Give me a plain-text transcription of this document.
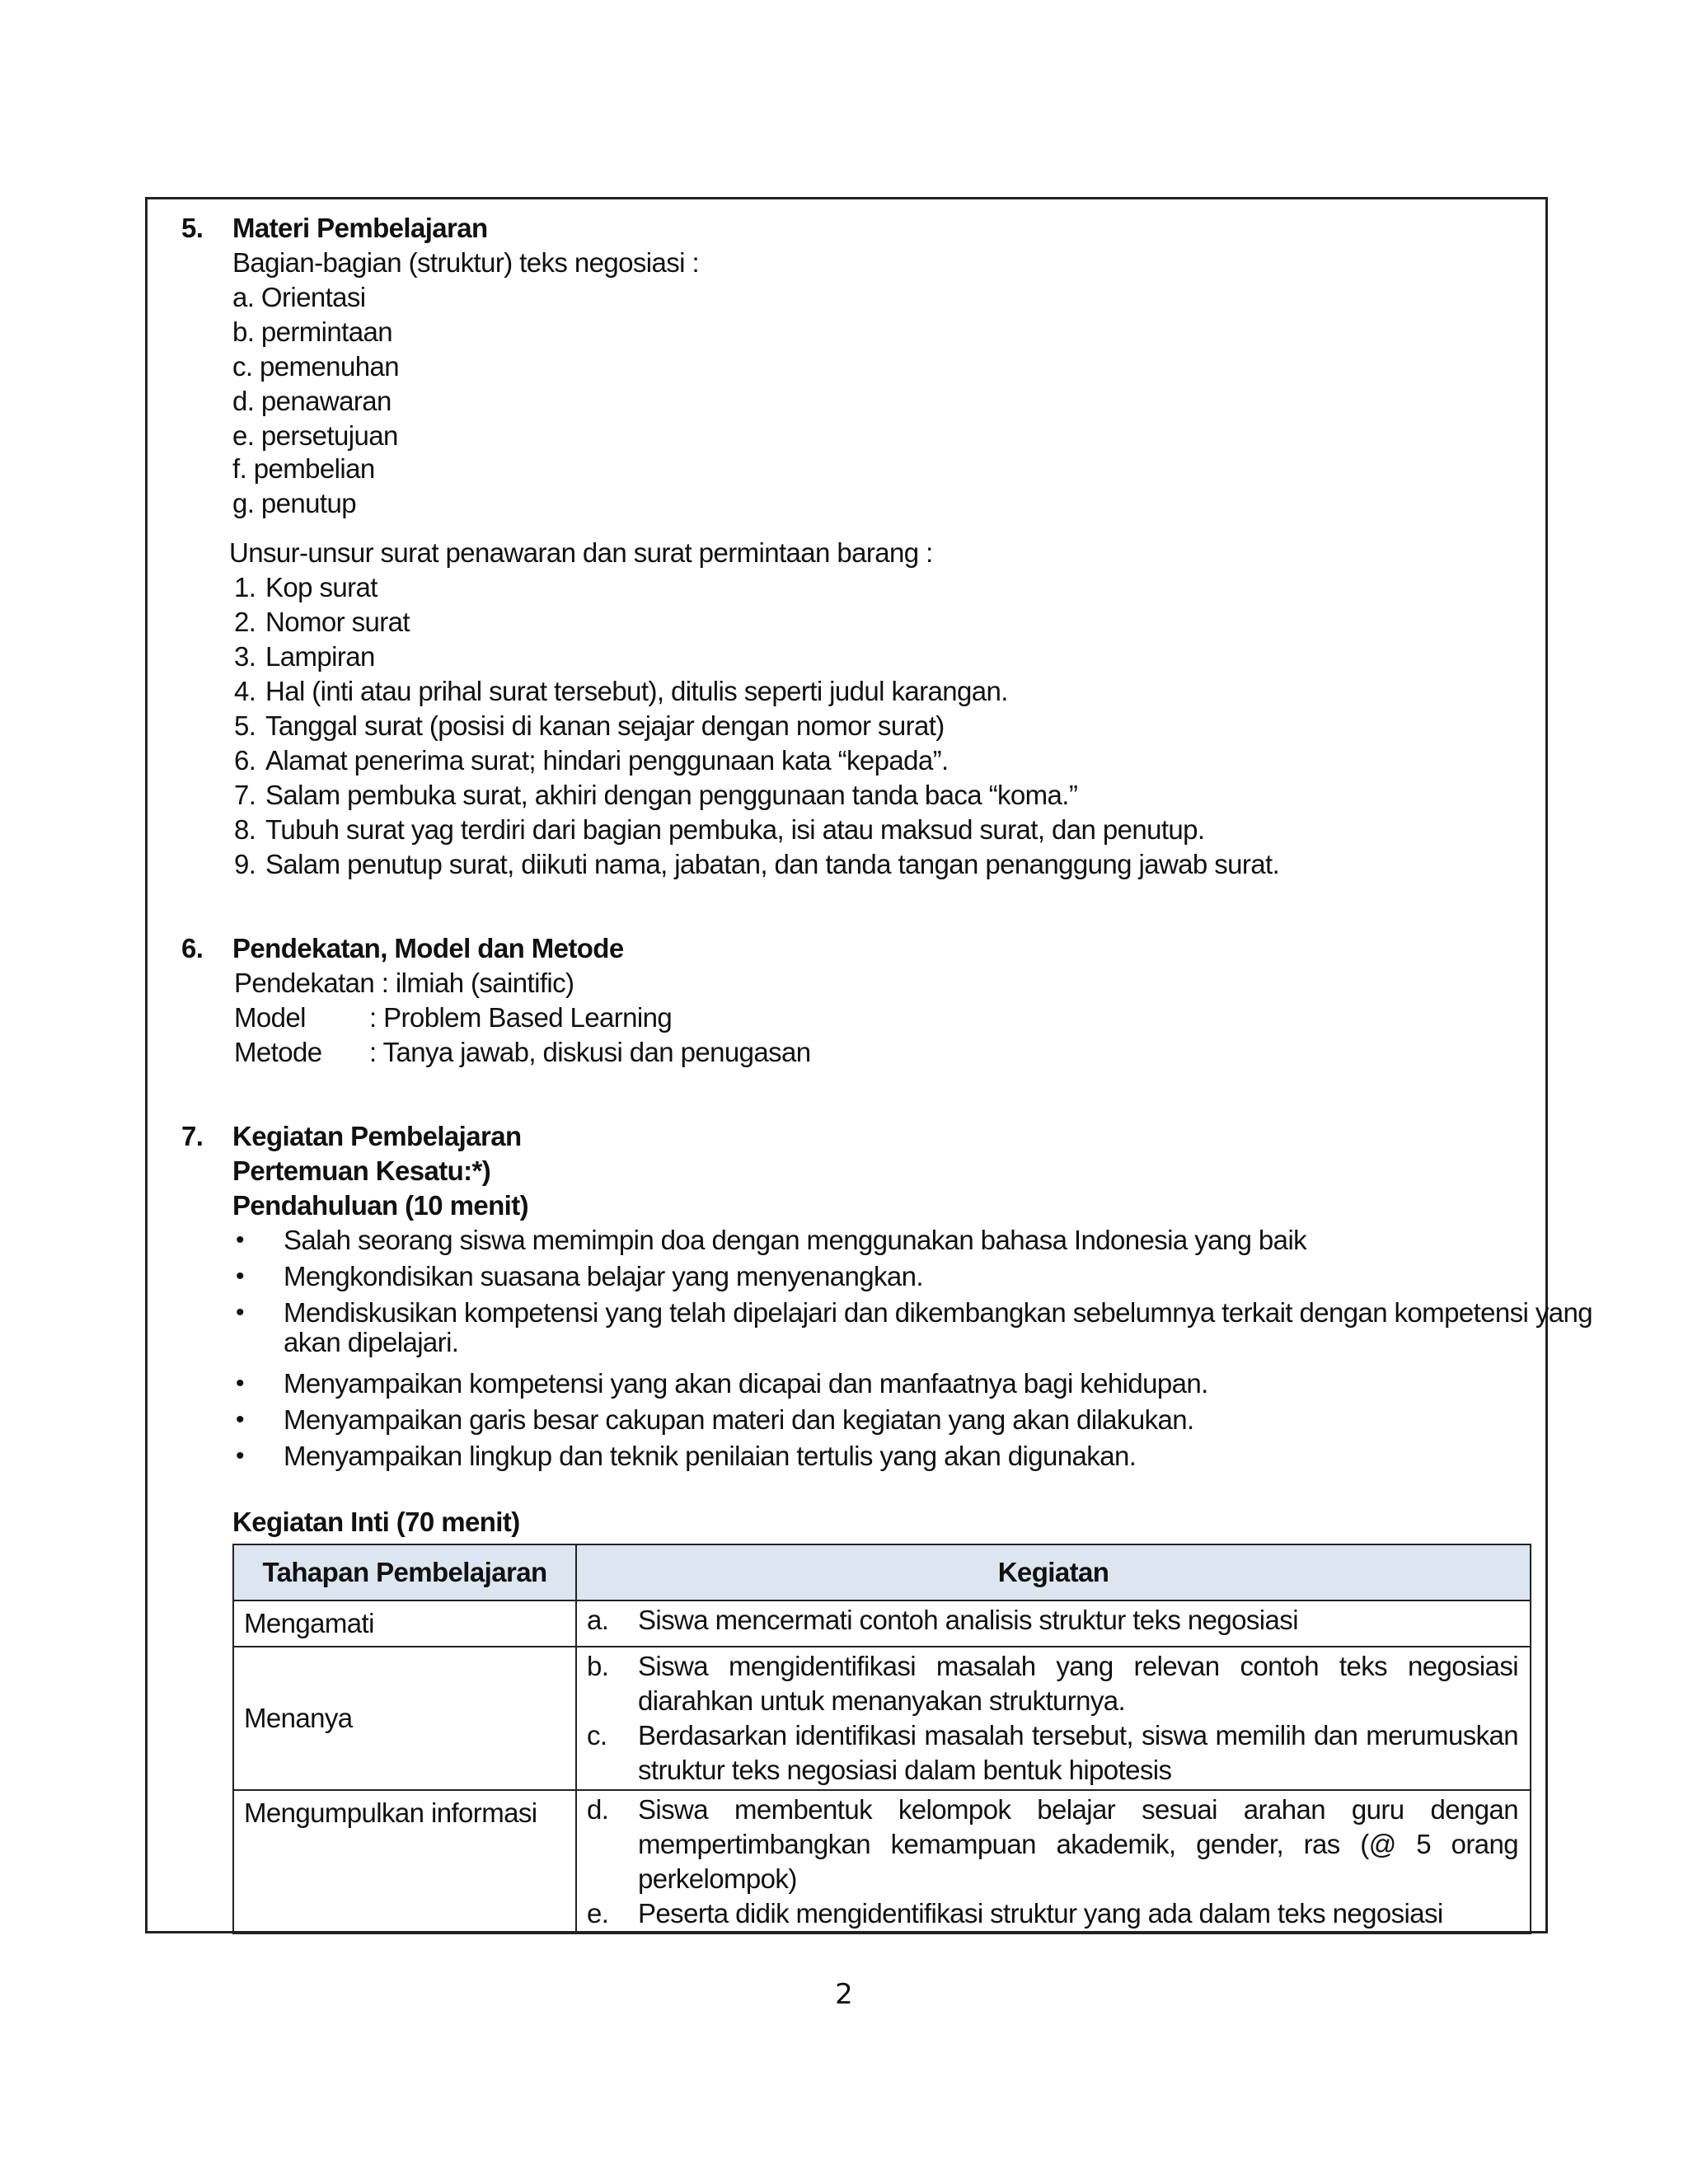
5. Materi Pembelajaran
Bagian-bagian (struktur) teks negosiasi :
a. Orientasi
b. permintaan
c. pemenuhan
d. penawaran
e. persetujuan
f. pembelian
g. penutup
Unsur-unsur surat penawaran dan surat permintaan barang :
1. Kop surat
2. Nomor surat
3. Lampiran
4. Hal (inti atau prihal surat tersebut), ditulis seperti judul karangan.
5. Tanggal surat (posisi di kanan sejajar dengan nomor surat)
6. Alamat penerima surat; hindari penggunaan kata “kepada”.
7. Salam pembuka surat, akhiri dengan penggunaan tanda baca “koma.”
8. Tubuh surat yag terdiri dari bagian pembuka, isi atau maksud surat, dan penutup.
9. Salam penutup surat, diikuti nama, jabatan, dan tanda tangan penanggung jawab surat.
6. Pendekatan, Model dan Metode
Pendekatan : ilmiah (saintific)
Model : Problem Based Learning
Metode : Tanya jawab, diskusi dan penugasan
7. Kegiatan Pembelajaran
Pertemuan Kesatu:*)
Pendahuluan (10 menit)
• Salah seorang siswa memimpin doa dengan menggunakan bahasa Indonesia yang baik
• Mengkondisikan suasana belajar yang menyenangkan.
• Mendiskusikan kompetensi yang telah dipelajari dan dikembangkan sebelumnya terkait dengan kompetensi yang
akan dipelajari.
• Menyampaikan kompetensi yang akan dicapai dan manfaatnya bagi kehidupan.
• Menyampaikan garis besar cakupan materi dan kegiatan yang akan dilakukan.
• Menyampaikan lingkup dan teknik penilaian tertulis yang akan digunakan.
Kegiatan Inti (70 menit)
Tahapan Pembelajaran	Kegiatan
Mengamati	a. Siswa mencermati contoh analisis struktur teks negosiasi

Menanya	b. Siswa mengidentifikasi masalah yang relevan contoh teks negosiasi diarahkan untuk menanyakan strukturnya.
c. Berdasarkan identifikasi masalah tersebut, siswa memilih dan merumuskan struktur teks negosiasi dalam bentuk hipotesis

Mengumpulkan informasi	d. Siswa membentuk kelompok belajar sesuai arahan guru dengan mempertimbangkan kemampuan akademik, gender, ras (@ 5 orang perkelompok)
e. Peserta didik mengidentifikasi struktur yang ada dalam teks negosiasi
2
